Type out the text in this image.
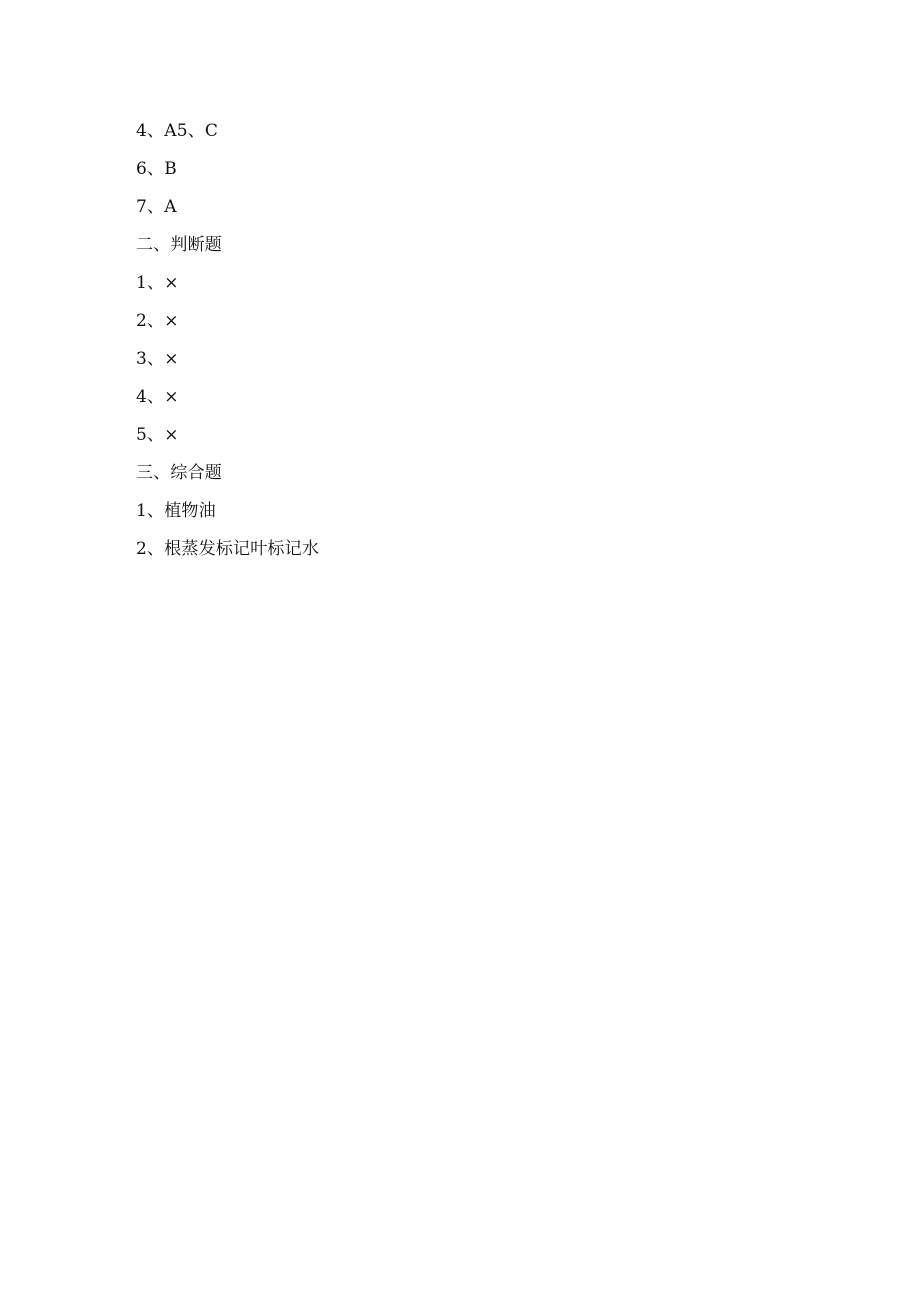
4、A5、C
6、B
7、A
二、判断题
1、×
2、×
3、×
4、×
5、×
三、综合题
1、植物油
2、根蒸发标记叶标记水
